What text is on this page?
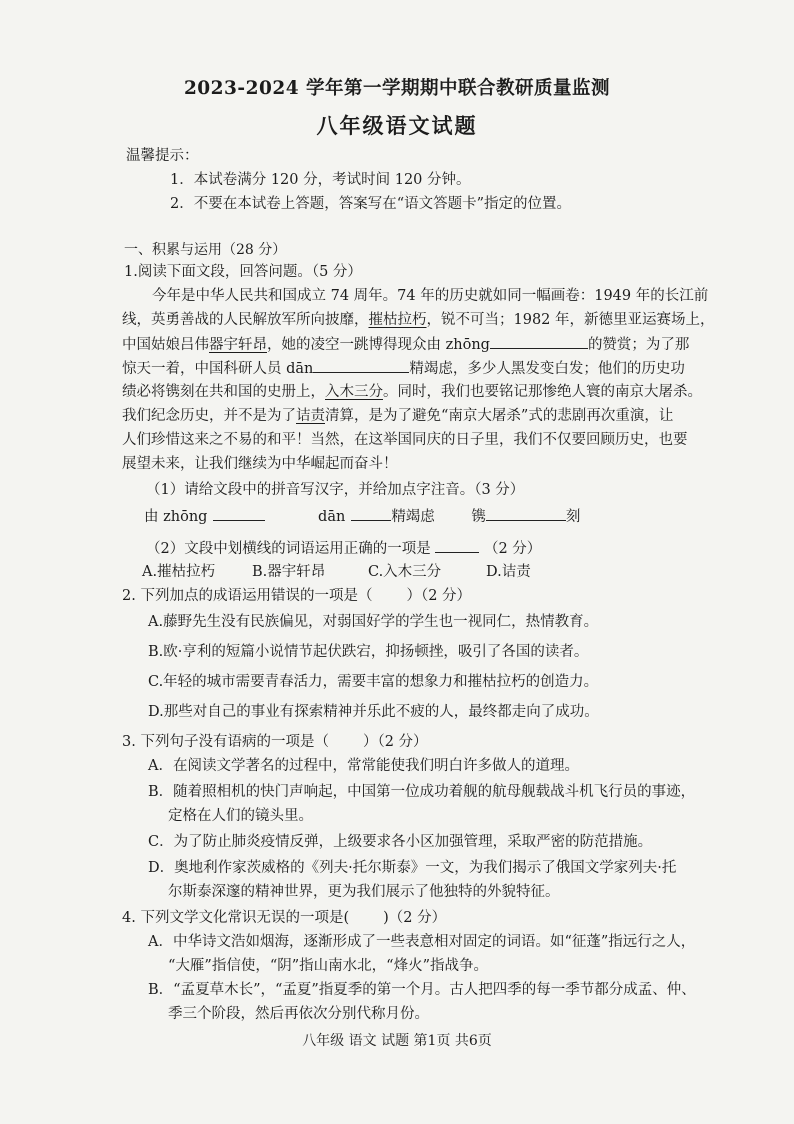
2023-2024 学年第一学期期中联合教研质量监测
八年级语文试题
温馨提示：
1．本试卷满分 120 分，考试时间 120 分钟。
2．不要在本试卷上答题，答案写在“语文答题卡”指定的位置。
一、积累与运用（28 分）
1.阅读下面文段，回答问题。（5 分）
今年是中华人民共和国成立 74 周年。74 年的历史就如同一幅画卷：1949 年的长江前
线，英勇善战的人民解放军所向披靡，摧枯拉朽，锐不可当；1982 年，新德里亚运赛场上，
中国姑娘吕伟器宇轩昂，她的凌空一跳博得现众由 zhōng	的赞赏；为了那
惊天一着，中国科研人员 dān	精竭虑，多少人黑发变白发；他们的历史功
绩必将镌刻在共和国的史册上，入木三分。同时，我们也要铭记那惨绝人寰的南京大屠杀。
我们纪念历史，并不是为了诘责清算，是为了避免“南京大屠杀”式的悲剧再次重演，让
人们珍惜这来之不易的和平！当然，在这举国同庆的日子里，我们不仅要回顾历史，也要
展望未来，让我们继续为中华崛起而奋斗！
（1）请给文段中的拼音写汉字，并给加点字注音。（3 分）
由 zhōng	dān	精竭虑	镌	刻
（2）文段中划横线的词语运用正确的一项是	（2 分）
A.摧枯拉朽	B.器宇轩昂	C.入木三分	D.诘责
2. 下列加点的成语运用错误的一项是（ ）（2 分）
A.藤野先生没有民族偏见，对弱国好学的学生也一视同仁，热情教育。
B.欧·亨利的短篇小说情节起伏跌宕，抑扬顿挫，吸引了各国的读者。
C.年轻的城市需要青春活力，需要丰富的想象力和摧枯拉朽的创造力。
D.那些对自己的事业有探索精神并乐此不疲的人，最终都走向了成功。
3. 下列句子没有语病的一项是（ ）（2 分）
A．在阅读文学著名的过程中，常常能使我们明白许多做人的道理。
B．随着照相机的快门声响起，中国第一位成功着舰的航母舰载战斗机飞行员的事迹，
定格在人们的镜头里。
C．为了防止肺炎疫情反弹，上级要求各小区加强管理，采取严密的防范措施。
D．奥地利作家茨威格的《列夫·托尔斯泰》一文，为我们揭示了俄国文学家列夫·托
尔斯泰深邃的精神世界，更为我们展示了他独特的外貌特征。
4. 下列文学文化常识无误的一项是( )（2 分）
A．中华诗文浩如烟海，逐渐形成了一些表意相对固定的词语。如“征蓬”指远行之人，
“大雁”指信使，“阴”指山南水北，“烽火”指战争。
B．“孟夏草木长”，“孟夏”指夏季的第一个月。古人把四季的每一季节都分成孟、仲、
季三个阶段，然后再依次分别代称月份。
八年级 语文 试题 第1页 共6页
